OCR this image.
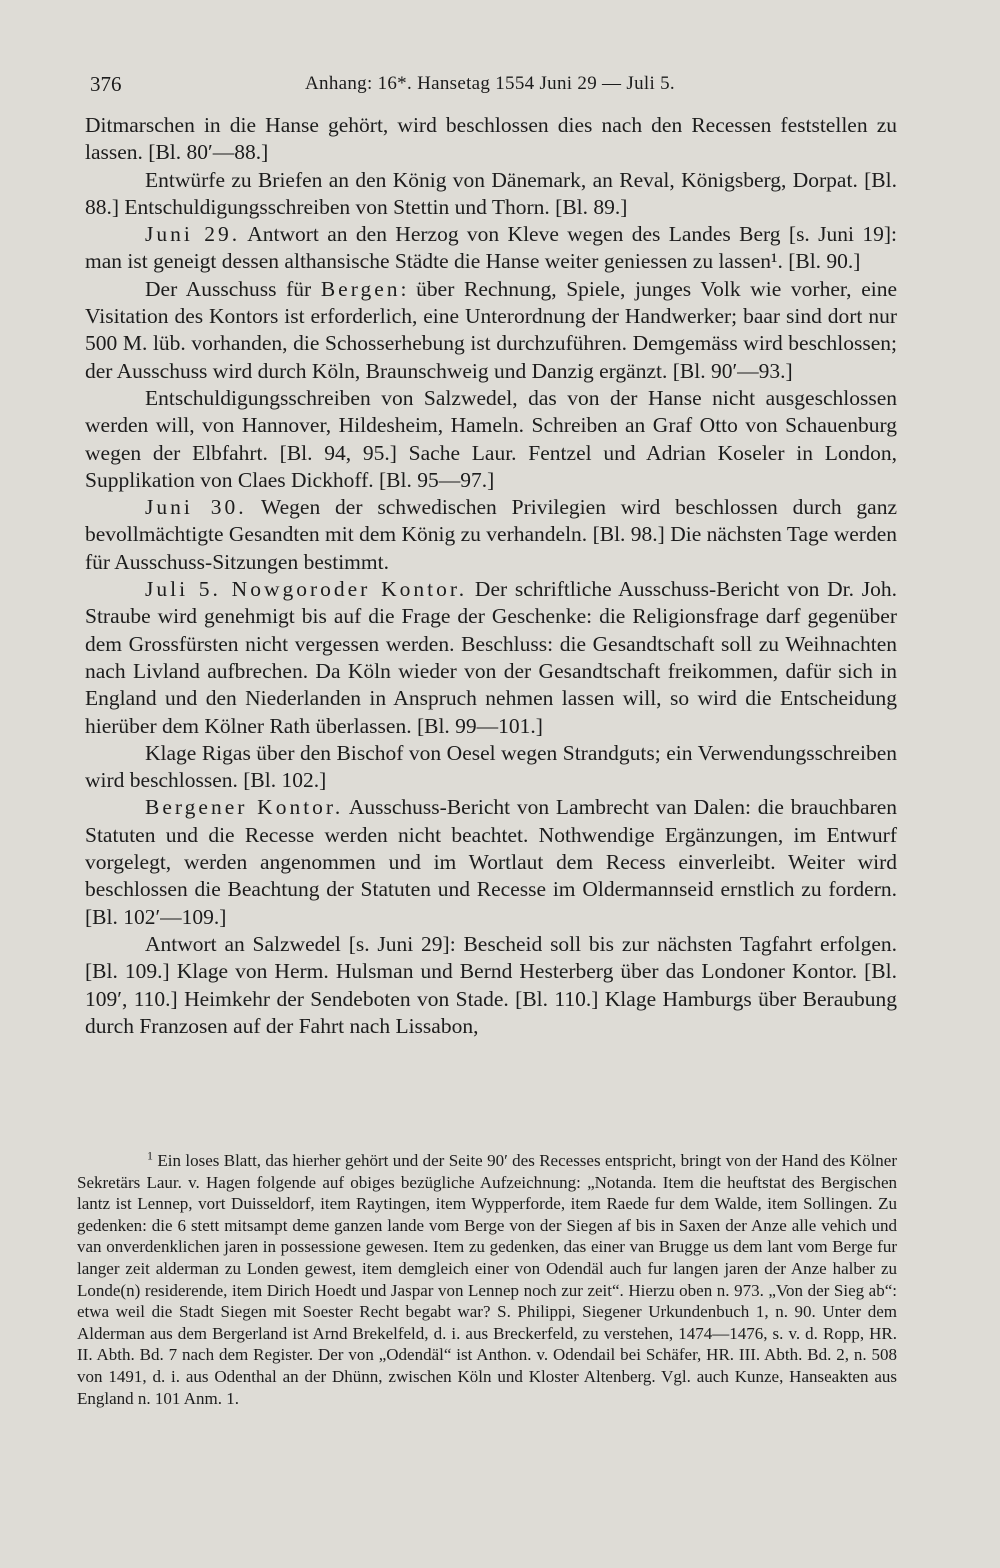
376	Anhang: 16*. Hansetag 1554 Juni 29 — Juli 5.

Ditmarschen in die Hanse gehört, wird beschlossen dies nach den Recessen feststellen zu lassen. [Bl. 80′—88.]

Entwürfe zu Briefen an den König von Dänemark, an Reval, Königsberg, Dorpat. [Bl. 88.] Entschuldigungsschreiben von Stettin und Thorn. [Bl. 89.]

Juni 29. Antwort an den Herzog von Kleve wegen des Landes Berg [s. Juni 19]: man ist geneigt dessen althansische Städte die Hanse weiter geniessen zu lassen¹. [Bl. 90.]

Der Ausschuss für Bergen: über Rechnung, Spiele, junges Volk wie vorher, eine Visitation des Kontors ist erforderlich, eine Unterordnung der Handwerker; baar sind dort nur 500 M. lüb. vorhanden, die Schosserhebung ist durchzuführen. Demgemäss wird beschlossen; der Ausschuss wird durch Köln, Braunschweig und Danzig ergänzt. [Bl. 90′—93.]

Entschuldigungsschreiben von Salzwedel, das von der Hanse nicht ausgeschlossen werden will, von Hannover, Hildesheim, Hameln. Schreiben an Graf Otto von Schauenburg wegen der Elbfahrt. [Bl. 94, 95.] Sache Laur. Fentzel und Adrian Koseler in London, Supplikation von Claes Dickhoff. [Bl. 95—97.]

Juni 30. Wegen der schwedischen Privilegien wird beschlossen durch ganz bevollmächtigte Gesandten mit dem König zu verhandeln. [Bl. 98.] Die nächsten Tage werden für Ausschuss-Sitzungen bestimmt.

Juli 5. Nowgoroder Kontor. Der schriftliche Ausschuss-Bericht von Dr. Joh. Straube wird genehmigt bis auf die Frage der Geschenke: die Religionsfrage darf gegenüber dem Grossfürsten nicht vergessen werden. Beschluss: die Gesandtschaft soll zu Weihnachten nach Livland aufbrechen. Da Köln wieder von der Gesandtschaft freikommen, dafür sich in England und den Niederlanden in Anspruch nehmen lassen will, so wird die Entscheidung hierüber dem Kölner Rath überlassen. [Bl. 99—101.]

Klage Rigas über den Bischof von Oesel wegen Strandguts; ein Verwendungsschreiben wird beschlossen. [Bl. 102.]

Bergener Kontor. Ausschuss-Bericht von Lambrecht van Dalen: die brauchbaren Statuten und die Recesse werden nicht beachtet. Nothwendige Ergänzungen, im Entwurf vorgelegt, werden angenommen und im Wortlaut dem Recess einverleibt. Weiter wird beschlossen die Beachtung der Statuten und Recesse im Oldermannseid ernstlich zu fordern. [Bl. 102′—109.]

Antwort an Salzwedel [s. Juni 29]: Bescheid soll bis zur nächsten Tagfahrt erfolgen. [Bl. 109.] Klage von Herm. Hulsman und Bernd Hesterberg über das Londoner Kontor. [Bl. 109′, 110.] Heimkehr der Sendeboten von Stade. [Bl. 110.] Klage Hamburgs über Beraubung durch Franzosen auf der Fahrt nach Lissabon,

$^1$ Ein loses Blatt, das hierher gehört und der Seite 90′ des Recesses entspricht, bringt von der Hand des Kölner Sekretärs Laur. v. Hagen folgende auf obiges bezügliche Aufzeichnung: „Notanda. Item die heuftstat des Bergischen lantz ist Lennep, vort Duisseldorf, item Raytingen, item Wypperforde, item Raede fur dem Walde, item Sollingen. Zu gedenken: die 6 stett mitsampt deme ganzen lande vom Berge von der Siegen af bis in Saxen der Anze alle vehich und van onverdenklichen jaren in possessione gewesen. Item zu gedenken, das einer van Brugge us dem lant vom Berge fur langer zeit alderman zu Londen gewest, item demgleich einer von Odendäl auch fur langen jaren der Anze halber zu Londe(n) residerende, item Dirich Hoedt und Jaspar von Lennep noch zur zeit“. Hierzu oben n. 973. „Von der Sieg ab“: etwa weil die Stadt Siegen mit Soester Recht begabt war? S. Philippi, Siegener Urkundenbuch 1, n. 90. Unter dem Alderman aus dem Bergerland ist Arnd Brekelfeld, d. i. aus Breckerfeld, zu verstehen, 1474—1476, s. v. d. Ropp, HR. II. Abth. Bd. 7 nach dem Register. Der von „Odendäl“ ist Anthon. v. Odendail bei Schäfer, HR. III. Abth. Bd. 2, n. 508 von 1491, d. i. aus Odenthal an der Dhünn, zwischen Köln und Kloster Altenberg. Vgl. auch Kunze, Hanseakten aus England n. 101 Anm. 1.
